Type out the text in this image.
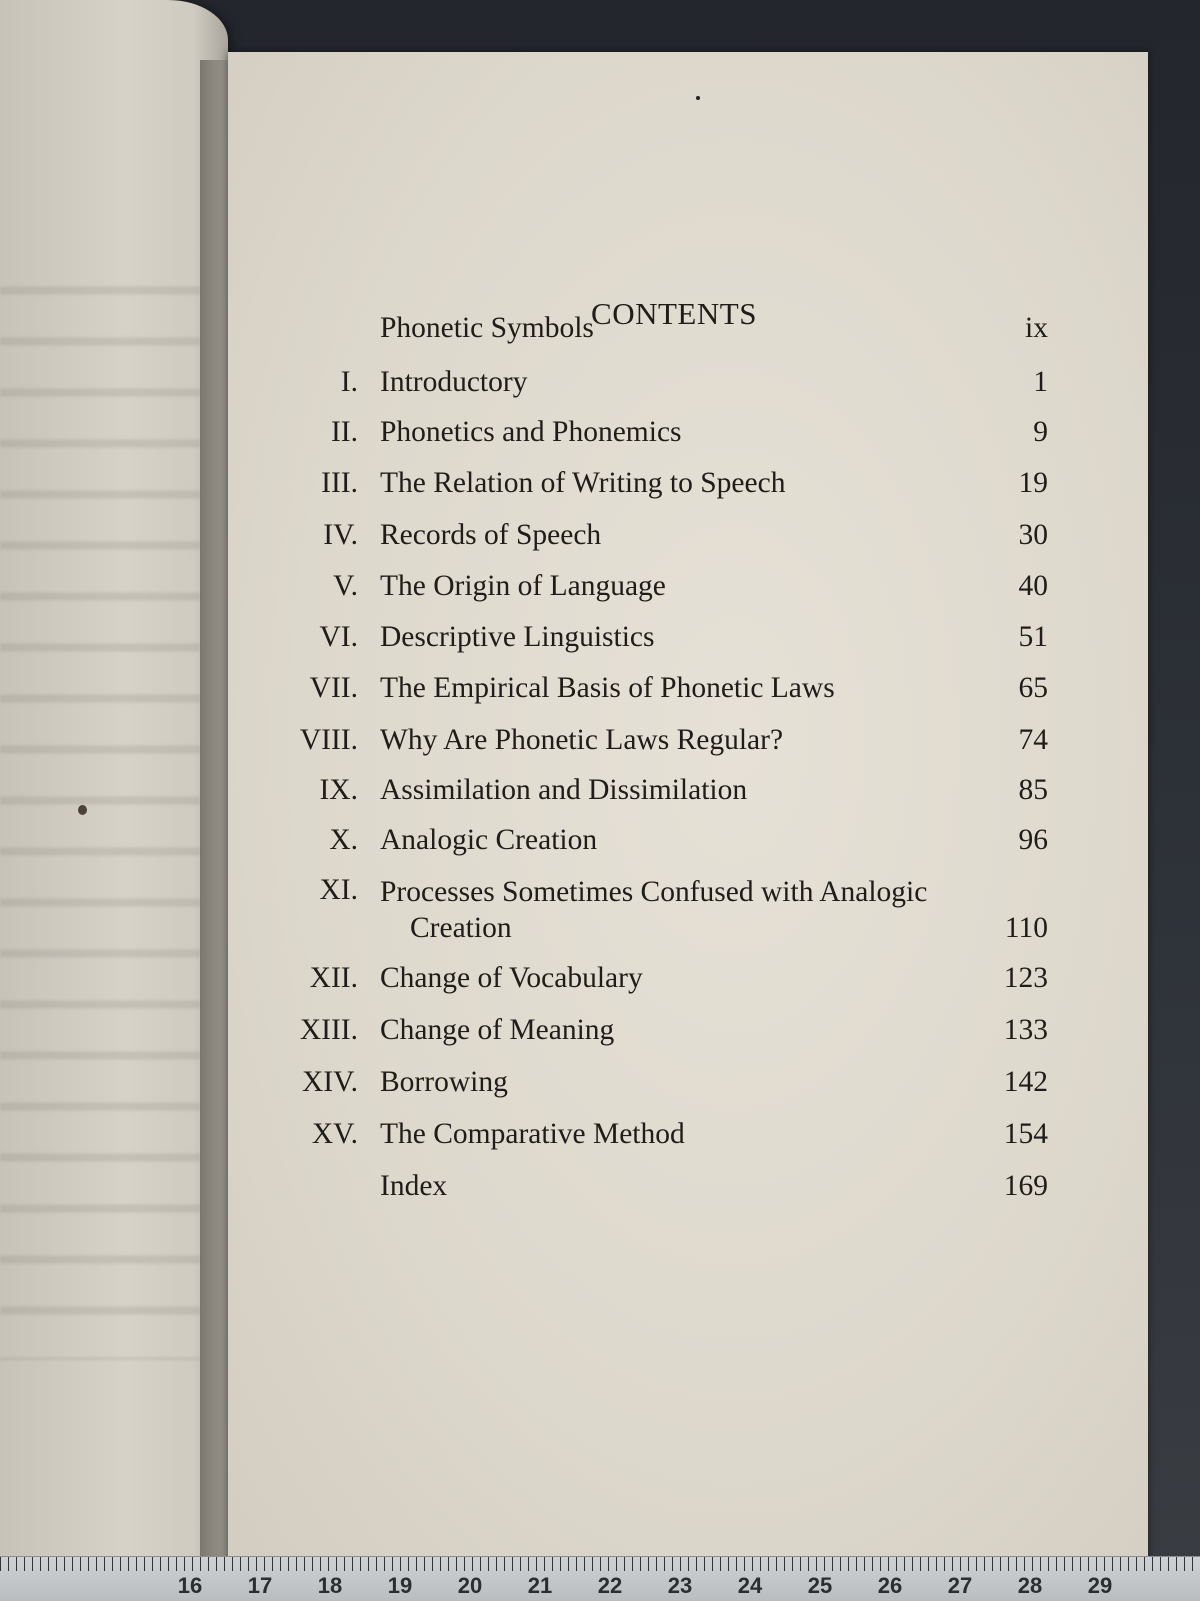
CONTENTS
Phonetic Symbols	ix
I. Introductory	1
II. Phonetics and Phonemics	9
III. The Relation of Writing to Speech	19
IV. Records of Speech	30
V. The Origin of Language	40
VI. Descriptive Linguistics	51
VII. The Empirical Basis of Phonetic Laws	65
VIII. Why Are Phonetic Laws Regular?	74
IX. Assimilation and Dissimilation	85
X. Analogic Creation	96
XI. Processes Sometimes Confused with Analogic
Creation	110
XII. Change of Vocabulary	123
XIII. Change of Meaning	133
XIV. Borrowing	142
XV. The Comparative Method	154
Index	169
16	17	18	19	20	21	22	23	24	25	26	27	28	29
